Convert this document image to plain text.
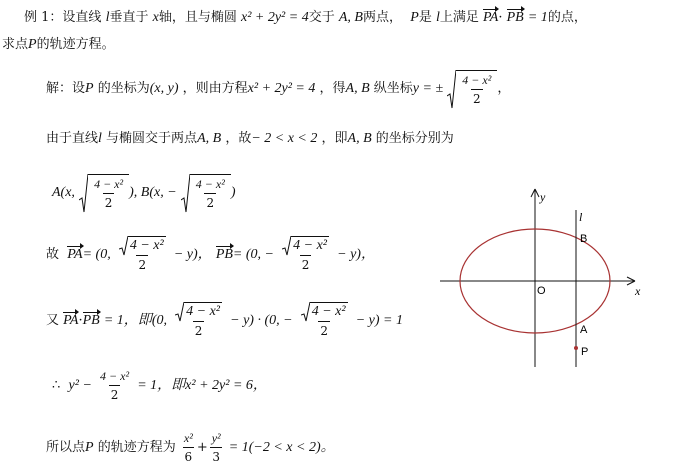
例 1：设直线 l垂直于 x轴，且与椭圆 x² + 2y² = 4交于 A, B两点， P是 l上满足 PA· PB = 1的点，
求点P的轨迹方程。
解：设P 的坐标为(x, y) ，则由方程x² + 2y² = 4 ，得A, B 纵坐标y = ± $\frac{\text{4 − x²}}{2}$ ，
由于直线l 与椭圆交于两点A, B ，故− 2 < x < 2 ，即A, B 的坐标分别为
A(x, $\frac{\text{4 − x²}}{2}$ ), B(x, − $\frac{\text{4 − x²}}{2}$ )
故 PA= (0, $\frac{\text{4 − x²}}{2} - y$)， PB= (0, − $\frac{\text{4 − x²}}{2} - y$)，
又 PA·PB = 1，即(0, $\frac{\text{4 − x²}}{2} - y) \cdot (0$, − $\frac{\text{4 − x²}}{2} - y) = 1$
∴ $y^2 - \frac{\text{4 − x²}}{2} = 1$，即x² + 2y² = 6，
所以点P 的轨迹方程为 $\frac{\text{x²}}{6} + \frac{\text{y²}}{3} = 1(-2 < x < 2)$。
x
y
O
l
B
A
P
